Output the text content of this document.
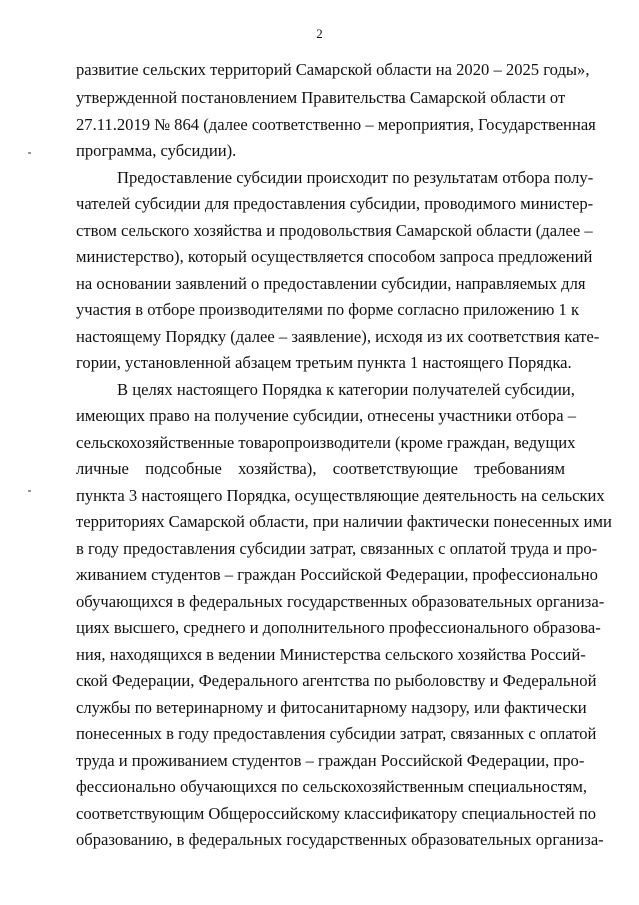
2
развитие сельских территорий Самарской области на 2020 – 2025 годы»,
утвержденной постановлением Правительства Самарской области от
27.11.2019 № 864 (далее соответственно – мероприятия, Государственная
программа, субсидии).
Предоставление субсидии происходит по результатам отбора полу-
чателей субсидии для предоставления субсидии, проводимого министер-
ством сельского хозяйства и продовольствия Самарской области (далее –
министерство), который осуществляется способом запроса предложений
на основании заявлений о предоставлении субсидии, направляемых для
участия в отборе производителями по форме согласно приложению 1 к
настоящему Порядку (далее – заявление), исходя из их соответствия кате-
гории, установленной абзацем третьим пункта 1 настоящего Порядка.
В целях настоящего Порядка к категории получателей субсидии,
имеющих право на получение субсидии, отнесены участники отбора –
сельскохозяйственные товаропроизводители (кроме граждан, ведущих
личные подсобные хозяйства), соответствующие требованиям
пункта 3 настоящего Порядка, осуществляющие деятельность на сельских
территориях Самарской области, при наличии фактически понесенных ими
в году предоставления субсидии затрат, связанных с оплатой труда и про-
живанием студентов – граждан Российской Федерации, профессионально
обучающихся в федеральных государственных образовательных организа-
циях высшего, среднего и дополнительного профессионального образова-
ния, находящихся в ведении Министерства сельского хозяйства Россий-
ской Федерации, Федерального агентства по рыболовству и Федеральной
службы по ветеринарному и фитосанитарному надзору, или фактически
понесенных в году предоставления субсидии затрат, связанных с оплатой
труда и проживанием студентов – граждан Российской Федерации, про-
фессионально обучающихся по сельскохозяйственным специальностям,
соответствующим Общероссийскому классификатору специальностей по
образованию, в федеральных государственных образовательных организа-
